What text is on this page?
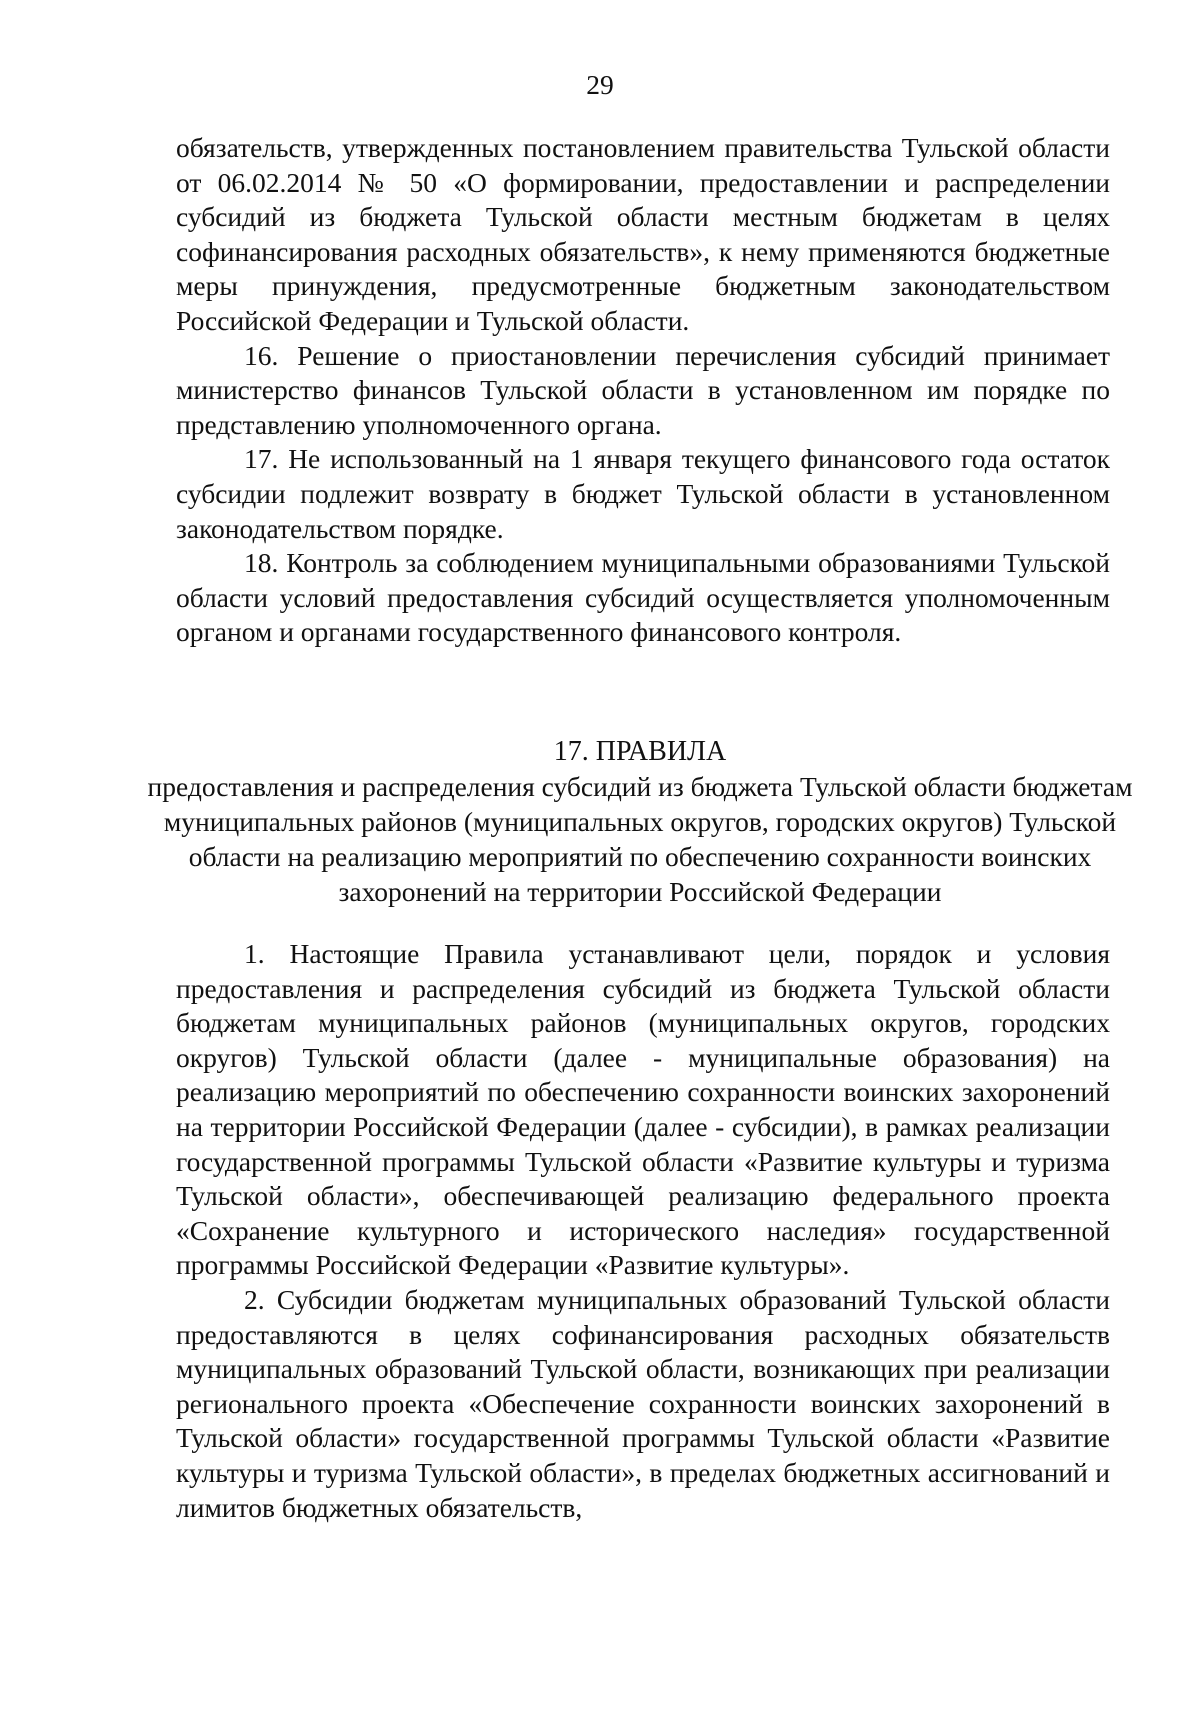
29

обязательств, утвержденных постановлением правительства Тульской области от 06.02.2014 № 50 «О формировании, предоставлении и распределении субсидий из бюджета Тульской области местным бюджетам в целях софинансирования расходных обязательств», к нему применяются бюджетные меры принуждения, предусмотренные бюджетным законодательством Российской Федерации и Тульской области.

16. Решение о приостановлении перечисления субсидий принимает министерство финансов Тульской области в установленном им порядке по представлению уполномоченного органа.

17. Не использованный на 1 января текущего финансового года остаток субсидии подлежит возврату в бюджет Тульской области в установленном законодательством порядке.

18. Контроль за соблюдением муниципальными образованиями Тульской области условий предоставления субсидий осуществляется уполномоченным органом и органами государственного финансового контроля.

17. ПРАВИЛА
предоставления и распределения субсидий из бюджета Тульской области бюджетам муниципальных районов (муниципальных округов, городских округов) Тульской области на реализацию мероприятий по обеспечению сохранности воинских захоронений на территории Российской Федерации

1. Настоящие Правила устанавливают цели, порядок и условия предоставления и распределения субсидий из бюджета Тульской области бюджетам муниципальных районов (муниципальных округов, городских округов) Тульской области (далее - муниципальные образования) на реализацию мероприятий по обеспечению сохранности воинских захоронений на территории Российской Федерации (далее - субсидии), в рамках реализации государственной программы Тульской области «Развитие культуры и туризма Тульской области», обеспечивающей реализацию федерального проекта «Сохранение культурного и исторического наследия» государственной программы Российской Федерации «Развитие культуры».

2. Субсидии бюджетам муниципальных образований Тульской области предоставляются в целях софинансирования расходных обязательств муниципальных образований Тульской области, возникающих при реализации регионального проекта «Обеспечение сохранности воинских захоронений в Тульской области» государственной программы Тульской области «Развитие культуры и туризма Тульской области», в пределах бюджетных ассигнований и лимитов бюджетных обязательств,
